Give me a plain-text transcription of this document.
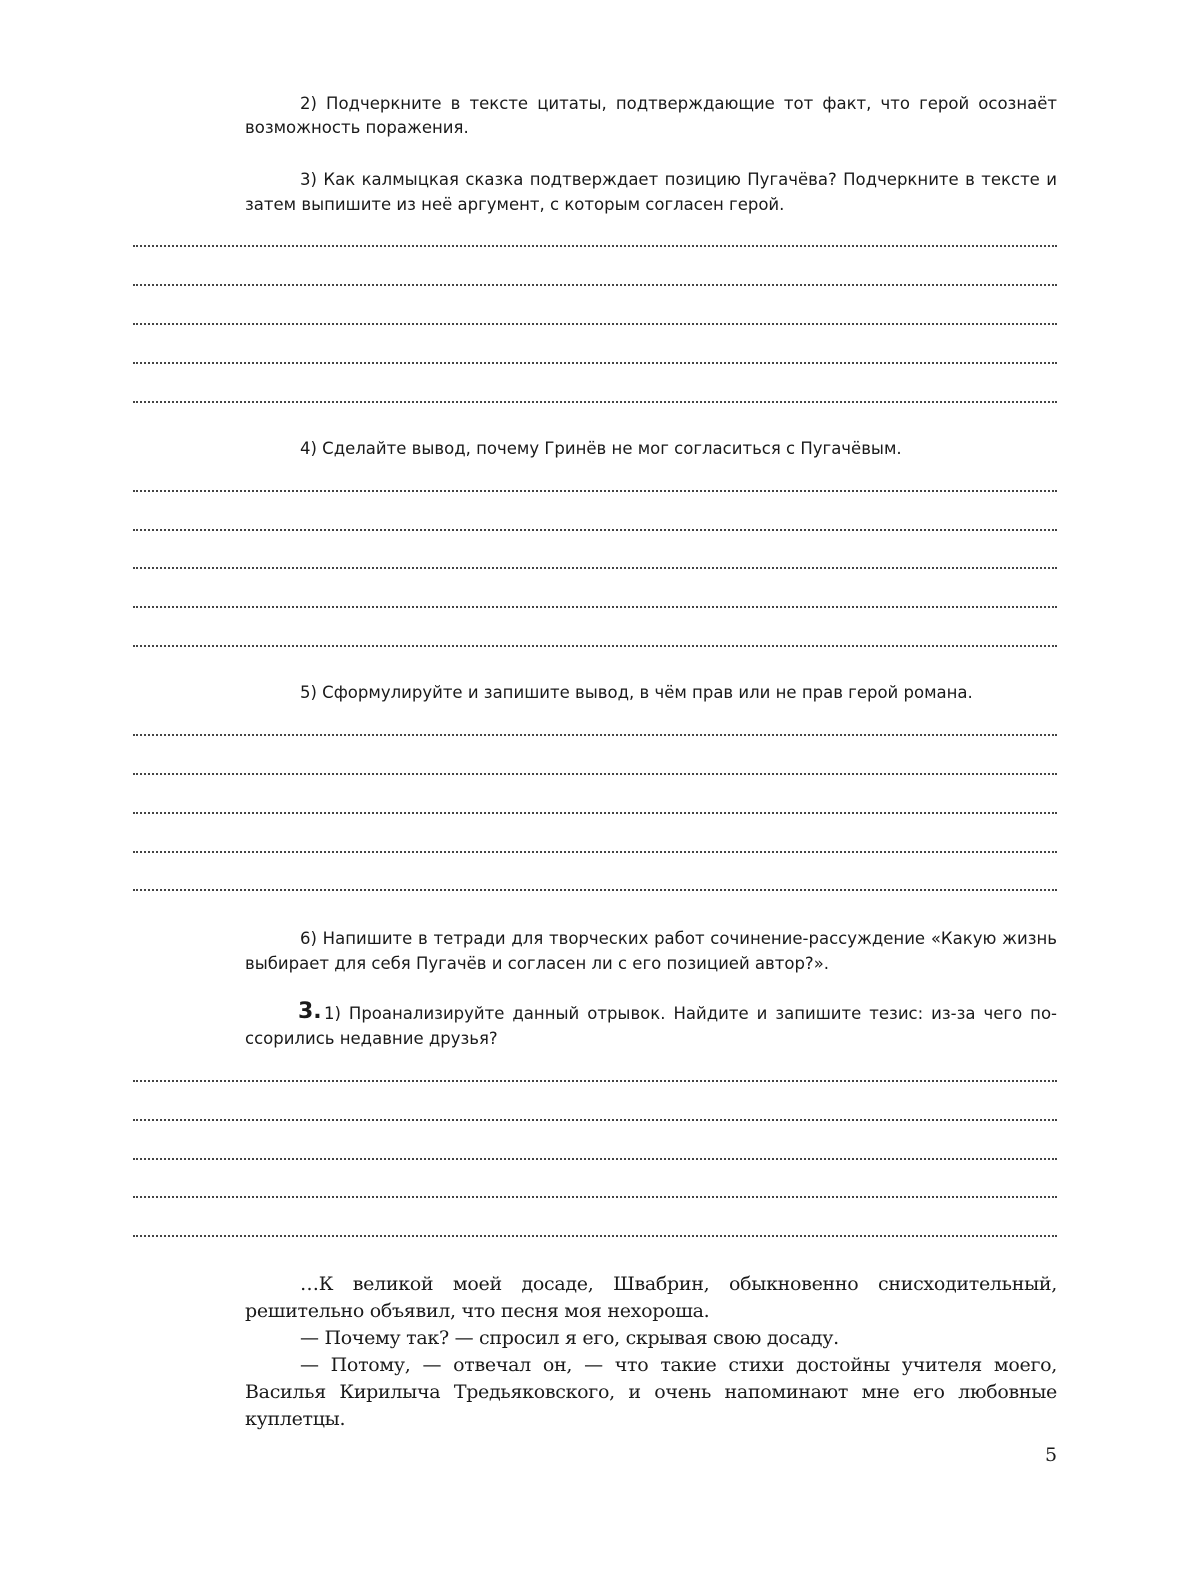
2) Подчеркните в тексте цитаты, подтверждающие тот факт, что герой осознаёт
возможность поражения.
3) Как калмыцкая сказка подтверждает позицию Пугачёва? Подчеркните в тексте и
затем выпишите из неё аргумент, с которым согласен герой.
4) Сделайте вывод, почему Гринёв не мог согласиться с Пугачёвым.
5) Сформулируйте и запишите вывод, в чём прав или не прав герой романа.
6) Напишите в тетради для творческих работ сочинение-рассуждение «Какую жизнь
выбирает для себя Пугачёв и согласен ли с его позицией автор?».
3. 1) Проанализируйте данный отрывок. Найдите и запишите тезис: из-за чего по-
ссорились недавние друзья?
…К великой моей досаде, Швабрин, обыкновенно снисходительный,
решительно объявил, что песня моя нехороша.
— Почему так? — спросил я его, скрывая свою досаду.
— Потому, — отвечал он, — что такие стихи достойны учителя моего,
Василья Кирилыча Тредьяковского, и очень напоминают мне его любовные
куплетцы.
5
